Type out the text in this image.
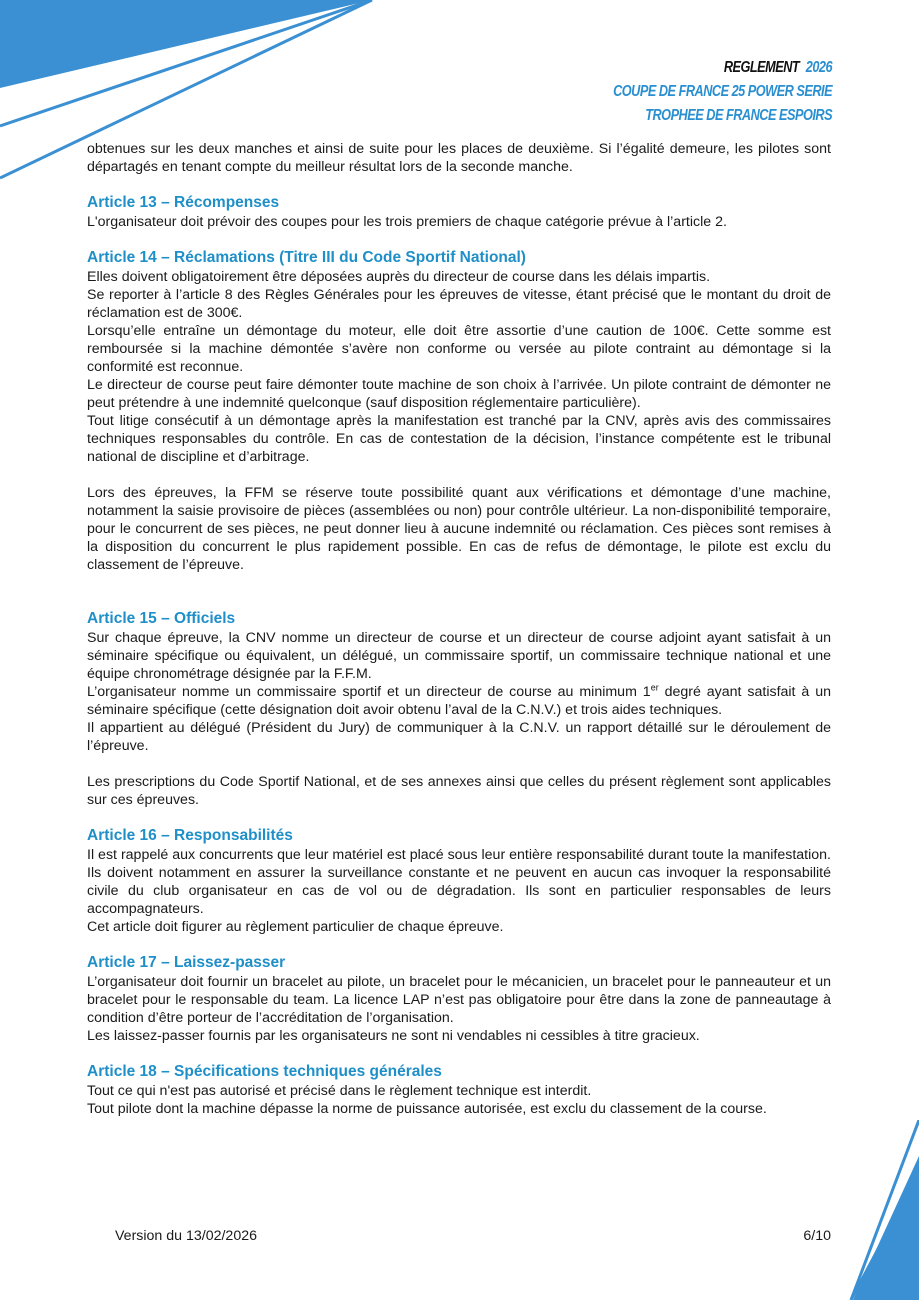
REGLEMENT 2026
COUPE DE FRANCE 25 POWER SERIE
TROPHEE DE FRANCE ESPOIRS

obtenues sur les deux manches et ainsi de suite pour les places de deuxième. Si l’égalité demeure, les pilotes sont départagés en tenant compte du meilleur résultat lors de la seconde manche.

Article 13 – Récompenses

L'organisateur doit prévoir des coupes pour les trois premiers de chaque catégorie prévue à l’article 2.

Article 14 – Réclamations (Titre III du Code Sportif National)

Elles doivent obligatoirement être déposées auprès du directeur de course dans les délais impartis.

Se reporter à l’article 8 des Règles Générales pour les épreuves de vitesse, étant précisé que le montant du droit de réclamation est de 300€.

Lorsqu’elle entraîne un démontage du moteur, elle doit être assortie d’une caution de 100€. Cette somme est remboursée si la machine démontée s’avère non conforme ou versée au pilote contraint au démontage si la conformité est reconnue.

Le directeur de course peut faire démonter toute machine de son choix à l’arrivée. Un pilote contraint de démonter ne peut prétendre à une indemnité quelconque (sauf disposition réglementaire particulière).

Tout litige consécutif à un démontage après la manifestation est tranché par la CNV, après avis des commissaires techniques responsables du contrôle. En cas de contestation de la décision, l’instance compétente est le tribunal national de discipline et d’arbitrage.

Lors des épreuves, la FFM se réserve toute possibilité quant aux vérifications et démontage d’une machine, notamment la saisie provisoire de pièces (assemblées ou non) pour contrôle ultérieur. La non-disponibilité temporaire, pour le concurrent de ses pièces, ne peut donner lieu à aucune indemnité ou réclamation. Ces pièces sont remises à la disposition du concurrent le plus rapidement possible. En cas de refus de démontage, le pilote est exclu du classement de l’épreuve.

Article 15 – Officiels

Sur chaque épreuve, la CNV nomme un directeur de course et un directeur de course adjoint ayant satisfait à un séminaire spécifique ou équivalent, un délégué, un commissaire sportif, un commissaire technique national et une équipe chronométrage désignée par la F.F.M.

L’organisateur nomme un commissaire sportif et un directeur de course au minimum 1er degré ayant satisfait à un séminaire spécifique (cette désignation doit avoir obtenu l’aval de la C.N.V.) et trois aides techniques.

Il appartient au délégué (Président du Jury) de communiquer à la C.N.V. un rapport détaillé sur le déroulement de l’épreuve.

Les prescriptions du Code Sportif National, et de ses annexes ainsi que celles du présent règlement sont applicables sur ces épreuves.

Article 16 – Responsabilités

Il est rappelé aux concurrents que leur matériel est placé sous leur entière responsabilité durant toute la manifestation. Ils doivent notamment en assurer la surveillance constante et ne peuvent en aucun cas invoquer la responsabilité civile du club organisateur en cas de vol ou de dégradation. Ils sont en particulier responsables de leurs accompagnateurs.

Cet article doit figurer au règlement particulier de chaque épreuve.

Article 17 – Laissez-passer

L’organisateur doit fournir un bracelet au pilote, un bracelet pour le mécanicien, un bracelet pour le panneauteur et un bracelet pour le responsable du team. La licence LAP n’est pas obligatoire pour être dans la zone de panneautage à condition d’être porteur de l’accréditation de l’organisation.

Les laissez-passer fournis par les organisateurs ne sont ni vendables ni cessibles à titre gracieux.

Article 18 – Spécifications techniques générales

Tout ce qui n'est pas autorisé et précisé dans le règlement technique est interdit.

Tout pilote dont la machine dépasse la norme de puissance autorisée, est exclu du classement de la course.

Version du 13/02/2026	6/10
